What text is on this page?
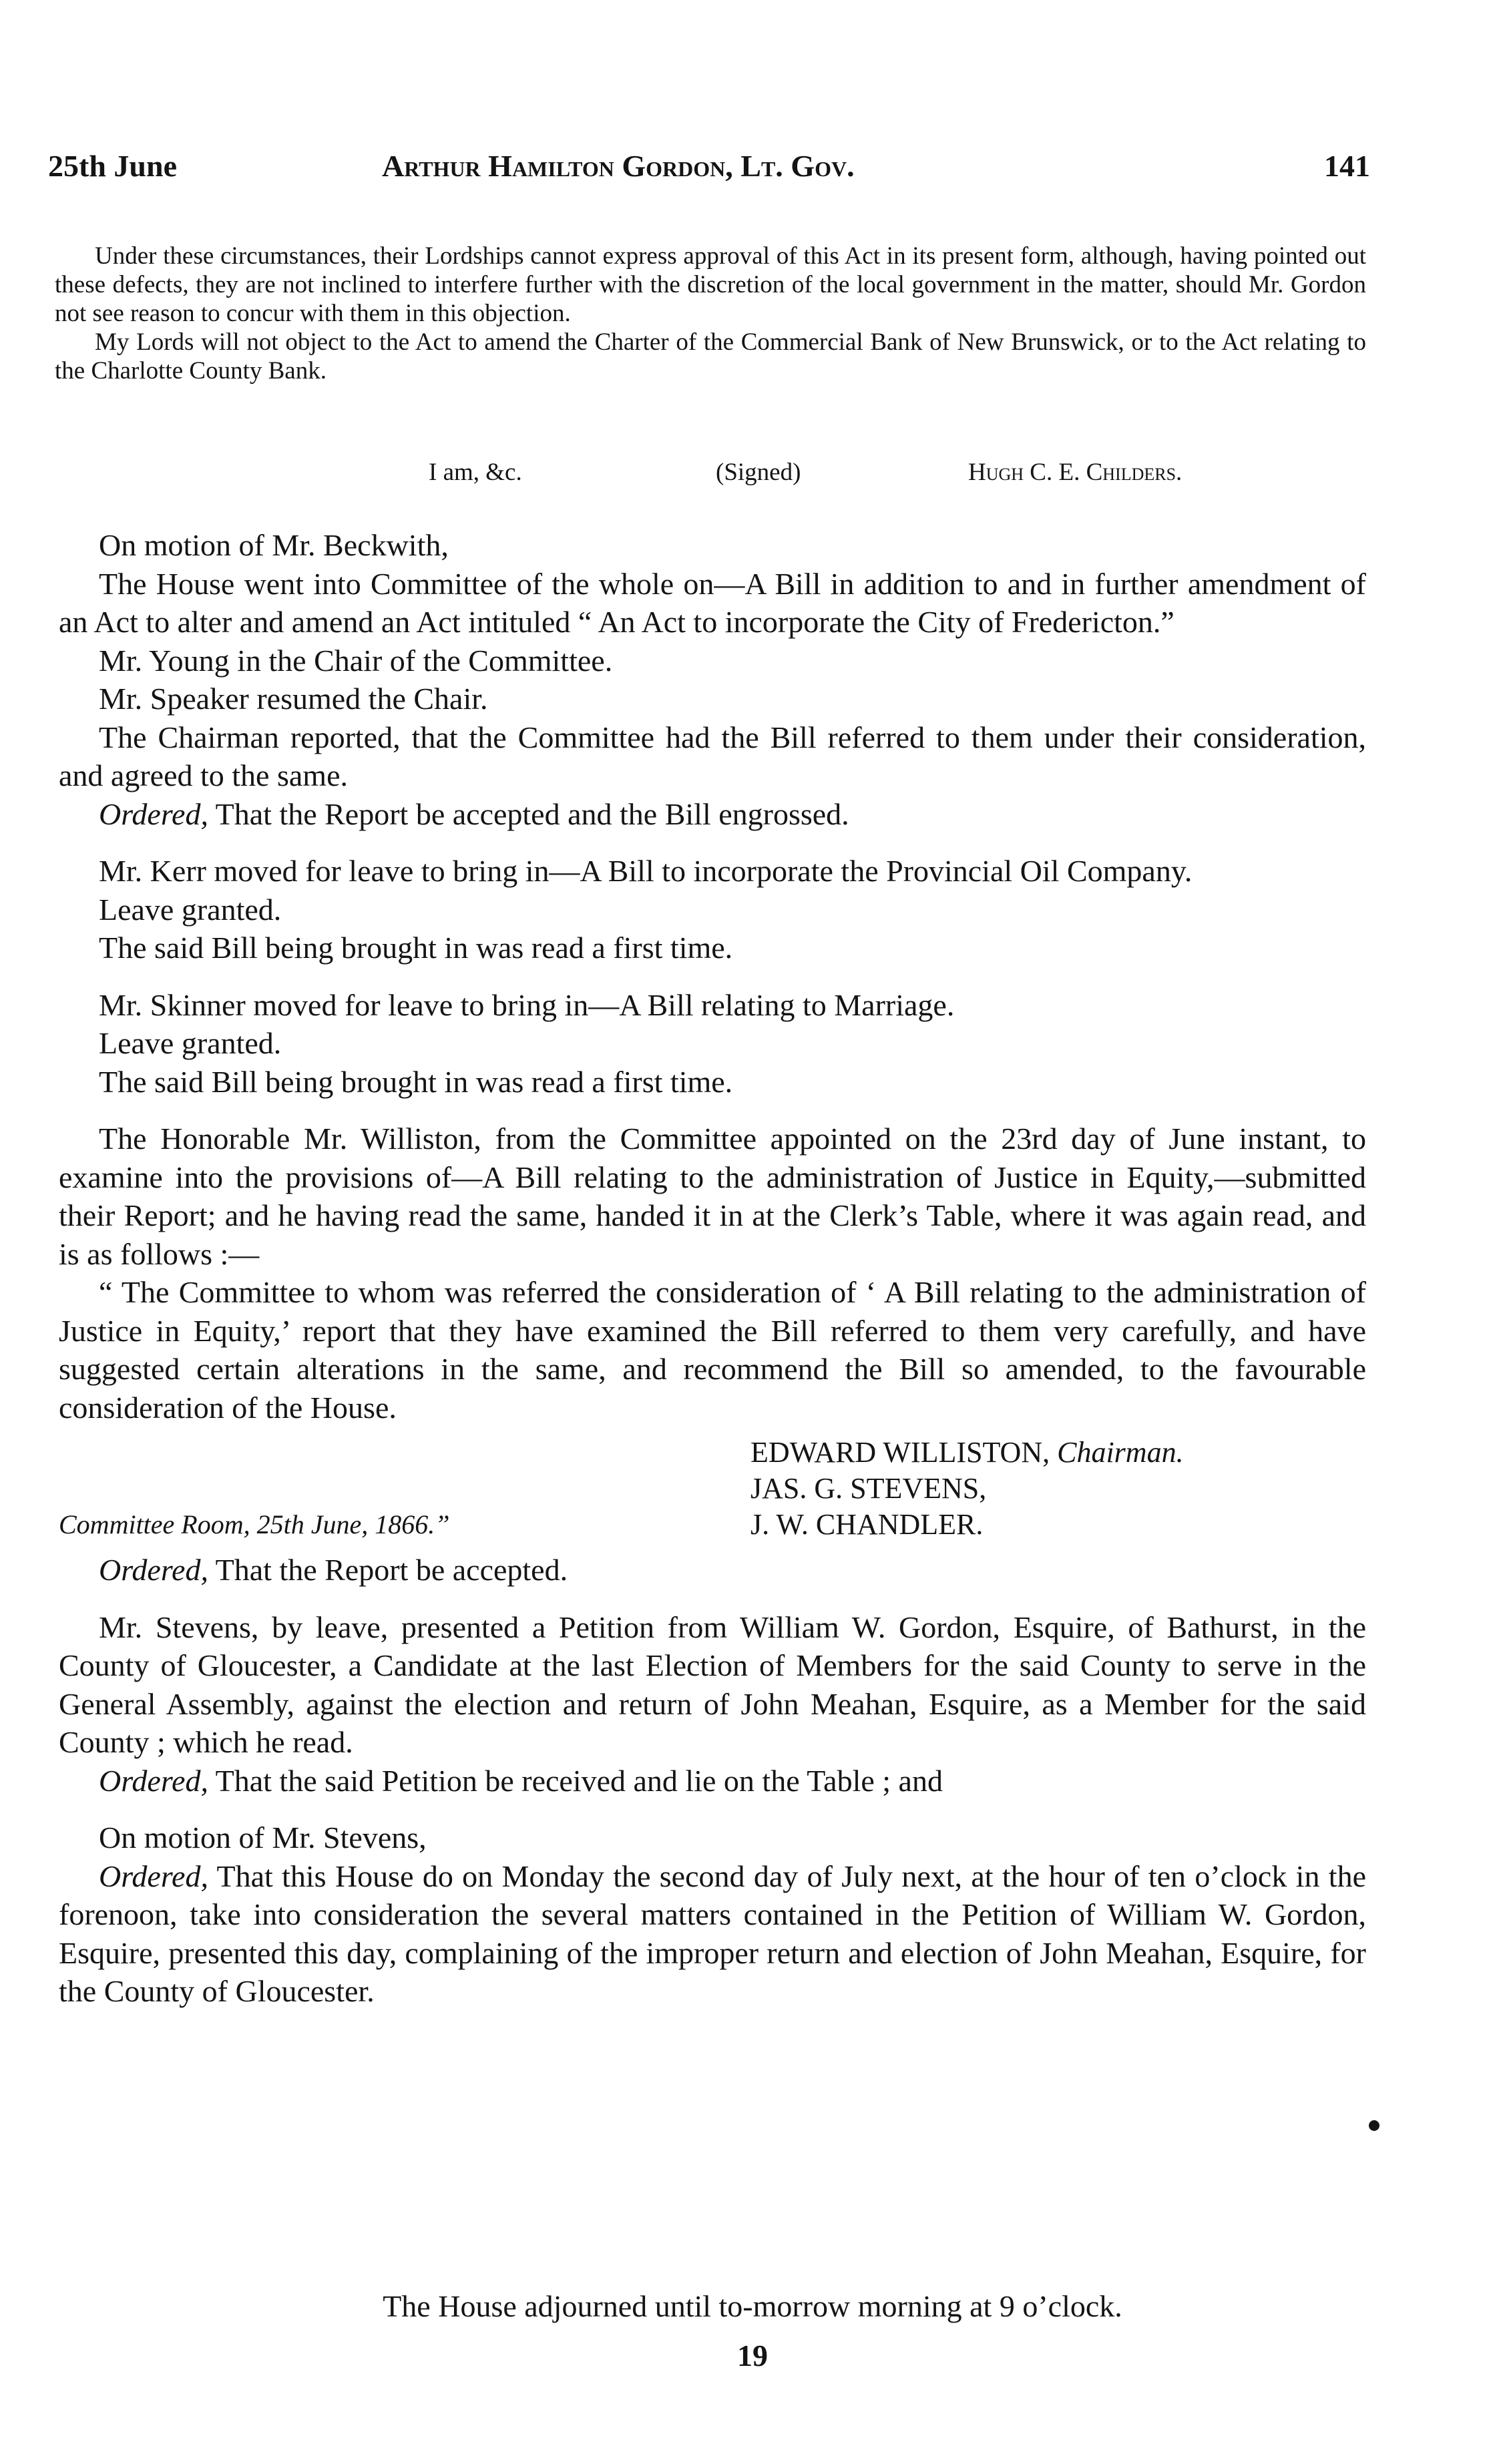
25th June	Arthur Hamilton Gordon, Lt. Gov.	141

Under these circumstances, their Lordships cannot express approval of this Act in its present form, although, having pointed out these defects, they are not inclined to interfere further with the discretion of the local government in the matter, should Mr. Gordon not see reason to concur with them in this objection.

My Lords will not object to the Act to amend the Charter of the Commercial Bank of New Brunswick, or to the Act relating to the Charlotte County Bank.

I am, &c.	(Signed)	Hugh C. E. Childers.

On motion of Mr. Beckwith,

The House went into Committee of the whole on—A Bill in addition to and in further amendment of an Act to alter and amend an Act intituled “ An Act to incorporate the City of Fredericton.”

Mr. Young in the Chair of the Committee.

Mr. Speaker resumed the Chair.

The Chairman reported, that the Committee had the Bill referred to them under their consideration, and agreed to the same.

Ordered, That the Report be accepted and the Bill engrossed.

Mr. Kerr moved for leave to bring in—A Bill to incorporate the Provincial Oil Company.

Leave granted.

The said Bill being brought in was read a first time.

Mr. Skinner moved for leave to bring in—A Bill relating to Marriage.

Leave granted.

The said Bill being brought in was read a first time.

The Honorable Mr. Williston, from the Committee appointed on the 23rd day of June instant, to examine into the provisions of—A Bill relating to the administration of Justice in Equity,—submitted their Report; and he having read the same, handed it in at the Clerk’s Table, where it was again read, and is as follows :—

“ The Committee to whom was referred the consideration of ‘ A Bill relating to the administration of Justice in Equity,’ report that they have examined the Bill referred to them very carefully, and have suggested certain alterations in the same, and recommend the Bill so amended, to the favourable consideration of the House.

EDWARD WILLISTON, Chairman.
JAS. G. STEVENS,
J. W. CHANDLER.
Committee Room, 25th June, 1866.”

Ordered, That the Report be accepted.

Mr. Stevens, by leave, presented a Petition from William W. Gordon, Esquire, of Bathurst, in the County of Gloucester, a Candidate at the last Election of Members for the said County to serve in the General Assembly, against the election and return of John Meahan, Esquire, as a Member for the said County ; which he read.

Ordered, That the said Petition be received and lie on the Table ; and

On motion of Mr. Stevens,

Ordered, That this House do on Monday the second day of July next, at the hour of ten o’clock in the forenoon, take into consideration the several matters contained in the Petition of William W. Gordon, Esquire, presented this day, complaining of the improper return and election of John Meahan, Esquire, for the County of Gloucester.

The House adjourned until to-morrow morning at 9 o’clock.
19
